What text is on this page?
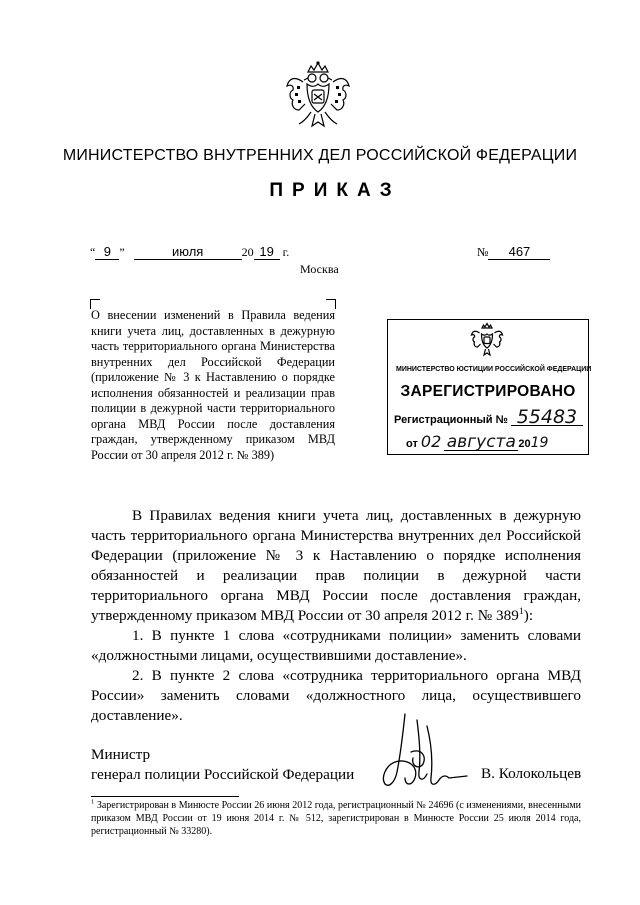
МИНИСТЕРСТВО ВНУТРЕННИХ ДЕЛ РОССИЙСКОЙ ФЕДЕРАЦИИ
ПРИКАЗ
“ 9 ”	июля	20 19 г.	№ 467
Москва
О внесении изменений в Правила ведения книги учета лиц, доставленных в дежурную часть территориального органа Министерства внутренних дел Российской Федерации (приложение № 3 к Наставлению о порядке исполнения обязанностей и реализации прав полиции в дежурной части территориального органа МВД России после доставления граждан, утвержденному приказом МВД России от 30 апреля 2012 г. № 389)
МИНИСТЕРСТВО ЮСТИЦИИ РОССИЙСКОЙ ФЕДЕРАЦИИ
ЗАРЕГИСТРИРОВАНО
Регистрационный № 55483
от 02 августа 2019

В Правилах ведения книги учета лиц, доставленных в дежурную часть территориального органа Министерства внутренних дел Российской Федерации (приложение № 3 к Наставлению о порядке исполнения обязанностей и реализации прав полиции в дежурной части территориального органа МВД России после доставления граждан, утвержденному приказом МВД России от 30 апреля 2012 г. № $389^1$):

1. В пункте 1 слова «сотрудниками полиции» заменить словами «должностными лицами, осуществившими доставление».

2. В пункте 2 слова «сотрудника территориального органа МВД России» заменить словами «должностного лица, осуществившего доставление».

Министр
генерал полиции Российской Федерации	В. Колокольцев
$^1$ Зарегистрирован в Минюсте России 26 июня 2012 года, регистрационный № 24696 (с изменениями, внесенными приказом МВД России от 19 июня 2014 г. № 512, зарегистрирован в Минюсте России 25 июля 2014 года, регистрационный № 33280).
